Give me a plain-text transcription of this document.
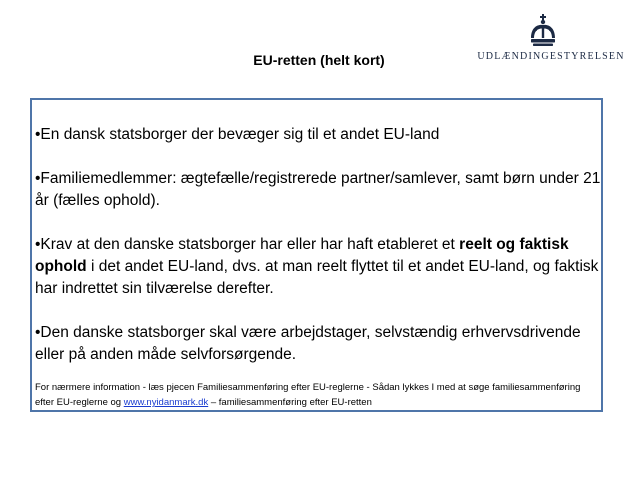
EU-retten (helt kort)	UDLÆNDINGESTYRELSEN

•En dansk statsborger der bevæger sig til et andet EU-land

•Familiemedlemmer: ægtefælle/registrerede partner/samlever, samt børn under 21 år (fælles ophold).

•Krav at den danske statsborger har eller har haft etableret et reelt og faktisk ophold i det andet EU-land, dvs. at man reelt flyttet til et andet EU-land, og faktisk har indrettet sin tilværelse derefter.

•Den danske statsborger skal være arbejdstager, selvstændig erhvervsdrivende eller på anden måde selvforsørgende.

For nærmere information - læs pjecen Familiesammenføring efter EU-reglerne - Sådan lykkes I med at søge familiesammenføring efter EU-reglerne og www.nyidanmark.dk – familiesammenføring efter EU-retten
